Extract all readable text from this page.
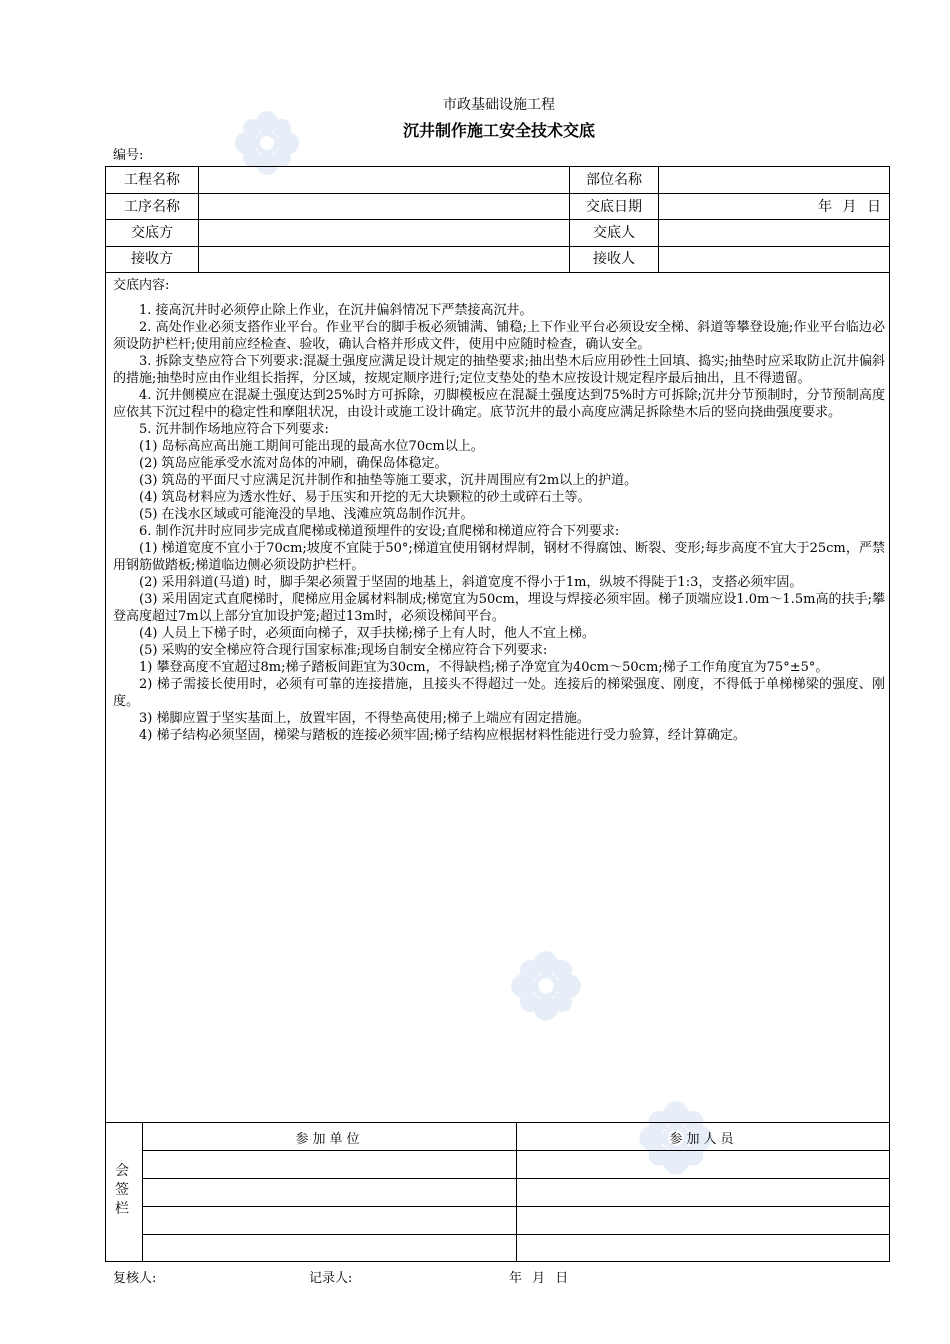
市政基础设施工程
沉井制作施工安全技术交底
编号:
工程名称	部位名称
工序名称	交底日期	年 月 日
交底方	交底人
接收方	接收人
交底内容:

1. 接高沉井时必须停止除上作业，在沉井偏斜情况下严禁接高沉井。

2. 高处作业必须支搭作业平台。作业平台的脚手板必须铺满、铺稳;上下作业平台必须设安全梯、斜道等攀登设施;作业平台临边必须设防护栏杆;使用前应经检查、验收，确认合格并形成文件，使用中应随时检查，确认安全。

3. 拆除支垫应符合下列要求:混凝土强度应满足设计规定的抽垫要求;抽出垫木后应用砂性土回填、捣实;抽垫时应采取防止沉井偏斜的措施;抽垫时应由作业组长指挥，分区域，按规定顺序进行;定位支垫处的垫木应按设计规定程序最后抽出，且不得遗留。

4. 沉井侧模应在混凝土强度达到25%时方可拆除，刃脚模板应在混凝土强度达到75%时方可拆除;沉井分节预制时，分节预制高度应依其下沉过程中的稳定性和摩阻状况，由设计或施工设计确定。底节沉井的最小高度应满足拆除垫木后的竖向挠曲强度要求。

5. 沉井制作场地应符合下列要求:

(1) 岛标高应高出施工期间可能出现的最高水位70cm以上。

(2) 筑岛应能承受水流对岛体的冲刷，确保岛体稳定。

(3) 筑岛的平面尺寸应满足沉井制作和抽垫等施工要求，沉井周围应有2m以上的护道。

(4) 筑岛材料应为透水性好、易于压实和开挖的无大块颗粒的砂土或碎石土等。

(5) 在浅水区域或可能淹没的旱地、浅滩应筑岛制作沉井。

6. 制作沉井时应同步完成直爬梯或梯道预埋件的安设;直爬梯和梯道应符合下列要求:

(1) 梯道宽度不宜小于70cm;坡度不宜陡于50°;梯道宜使用钢材焊制，钢材不得腐蚀、断裂、变形;每步高度不宜大于25cm，严禁用钢筋做踏板;梯道临边侧必须设防护栏杆。

(2) 采用斜道(马道) 时，脚手架必须置于坚固的地基上，斜道宽度不得小于1m，纵坡不得陡于1:3，支搭必须牢固。

(3) 采用固定式直爬梯时，爬梯应用金属材料制成;梯宽宜为50cm，埋设与焊接必须牢固。梯子顶端应设1.0m～1.5m高的扶手;攀登高度超过7m以上部分宜加设护笼;超过13m时，必须设梯间平台。

(4) 人员上下梯子时，必须面向梯子，双手扶梯;梯子上有人时，他人不宜上梯。

(5) 采购的安全梯应符合现行国家标准;现场自制安全梯应符合下列要求:

1) 攀登高度不宜超过8m;梯子踏板间距宜为30cm，不得缺档;梯子净宽宜为40cm～50cm;梯子工作角度宜为75°±5°。

2) 梯子需接长使用时，必须有可靠的连接措施，且接头不得超过一处。连接后的梯梁强度、刚度，不得低于单梯梯梁的强度、刚度。

3) 梯脚应置于坚实基面上，放置牢固，不得垫高使用;梯子上端应有固定措施。

4) 梯子结构必须坚固，梯梁与踏板的连接必须牢固;梯子结构应根据材料性能进行受力验算，经计算确定。

会签栏
参加单位	参加人员
复核人:	记录人:	年 月 日
